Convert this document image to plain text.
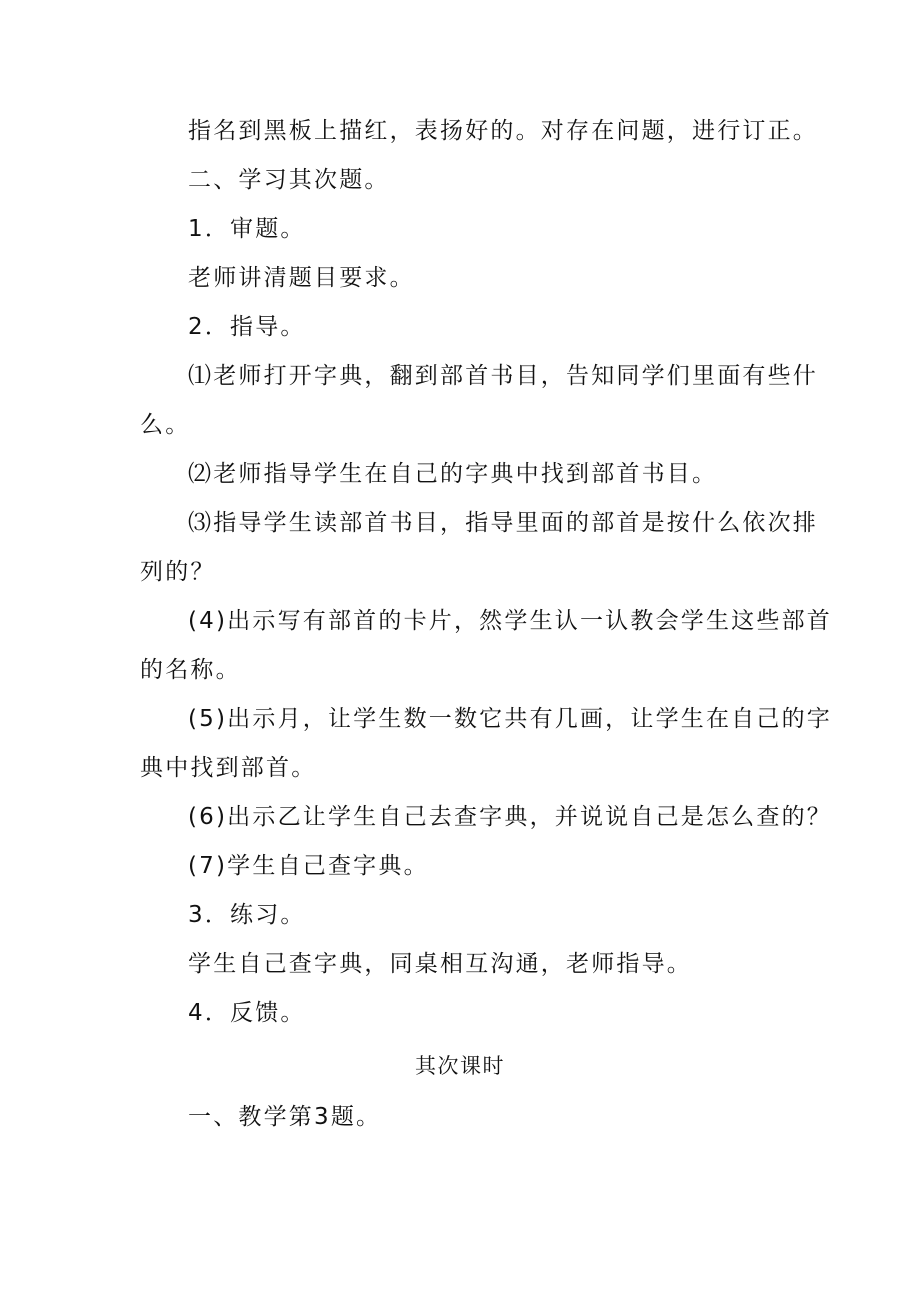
指名到黑板上描红，表扬好的。对存在问题，进行订正。
二、学习其次题。
1．审题。
老师讲清题目要求。
2．指导。
⑴老师打开字典，翻到部首书目，告知同学们里面有些什
么。
⑵老师指导学生在自己的字典中找到部首书目。
⑶指导学生读部首书目，指导里面的部首是按什么依次排
列的？
(4)出示写有部首的卡片，然学生认一认教会学生这些部首
的名称。
(5)出示月，让学生数一数它共有几画，让学生在自己的字
典中找到部首。
(6)出示乙让学生自己去查字典，并说说自己是怎么查的？
(7)学生自己查字典。
3．练习。
学生自己查字典，同桌相互沟通，老师指导。
4．反馈。
其次课时
一、教学第3题。
